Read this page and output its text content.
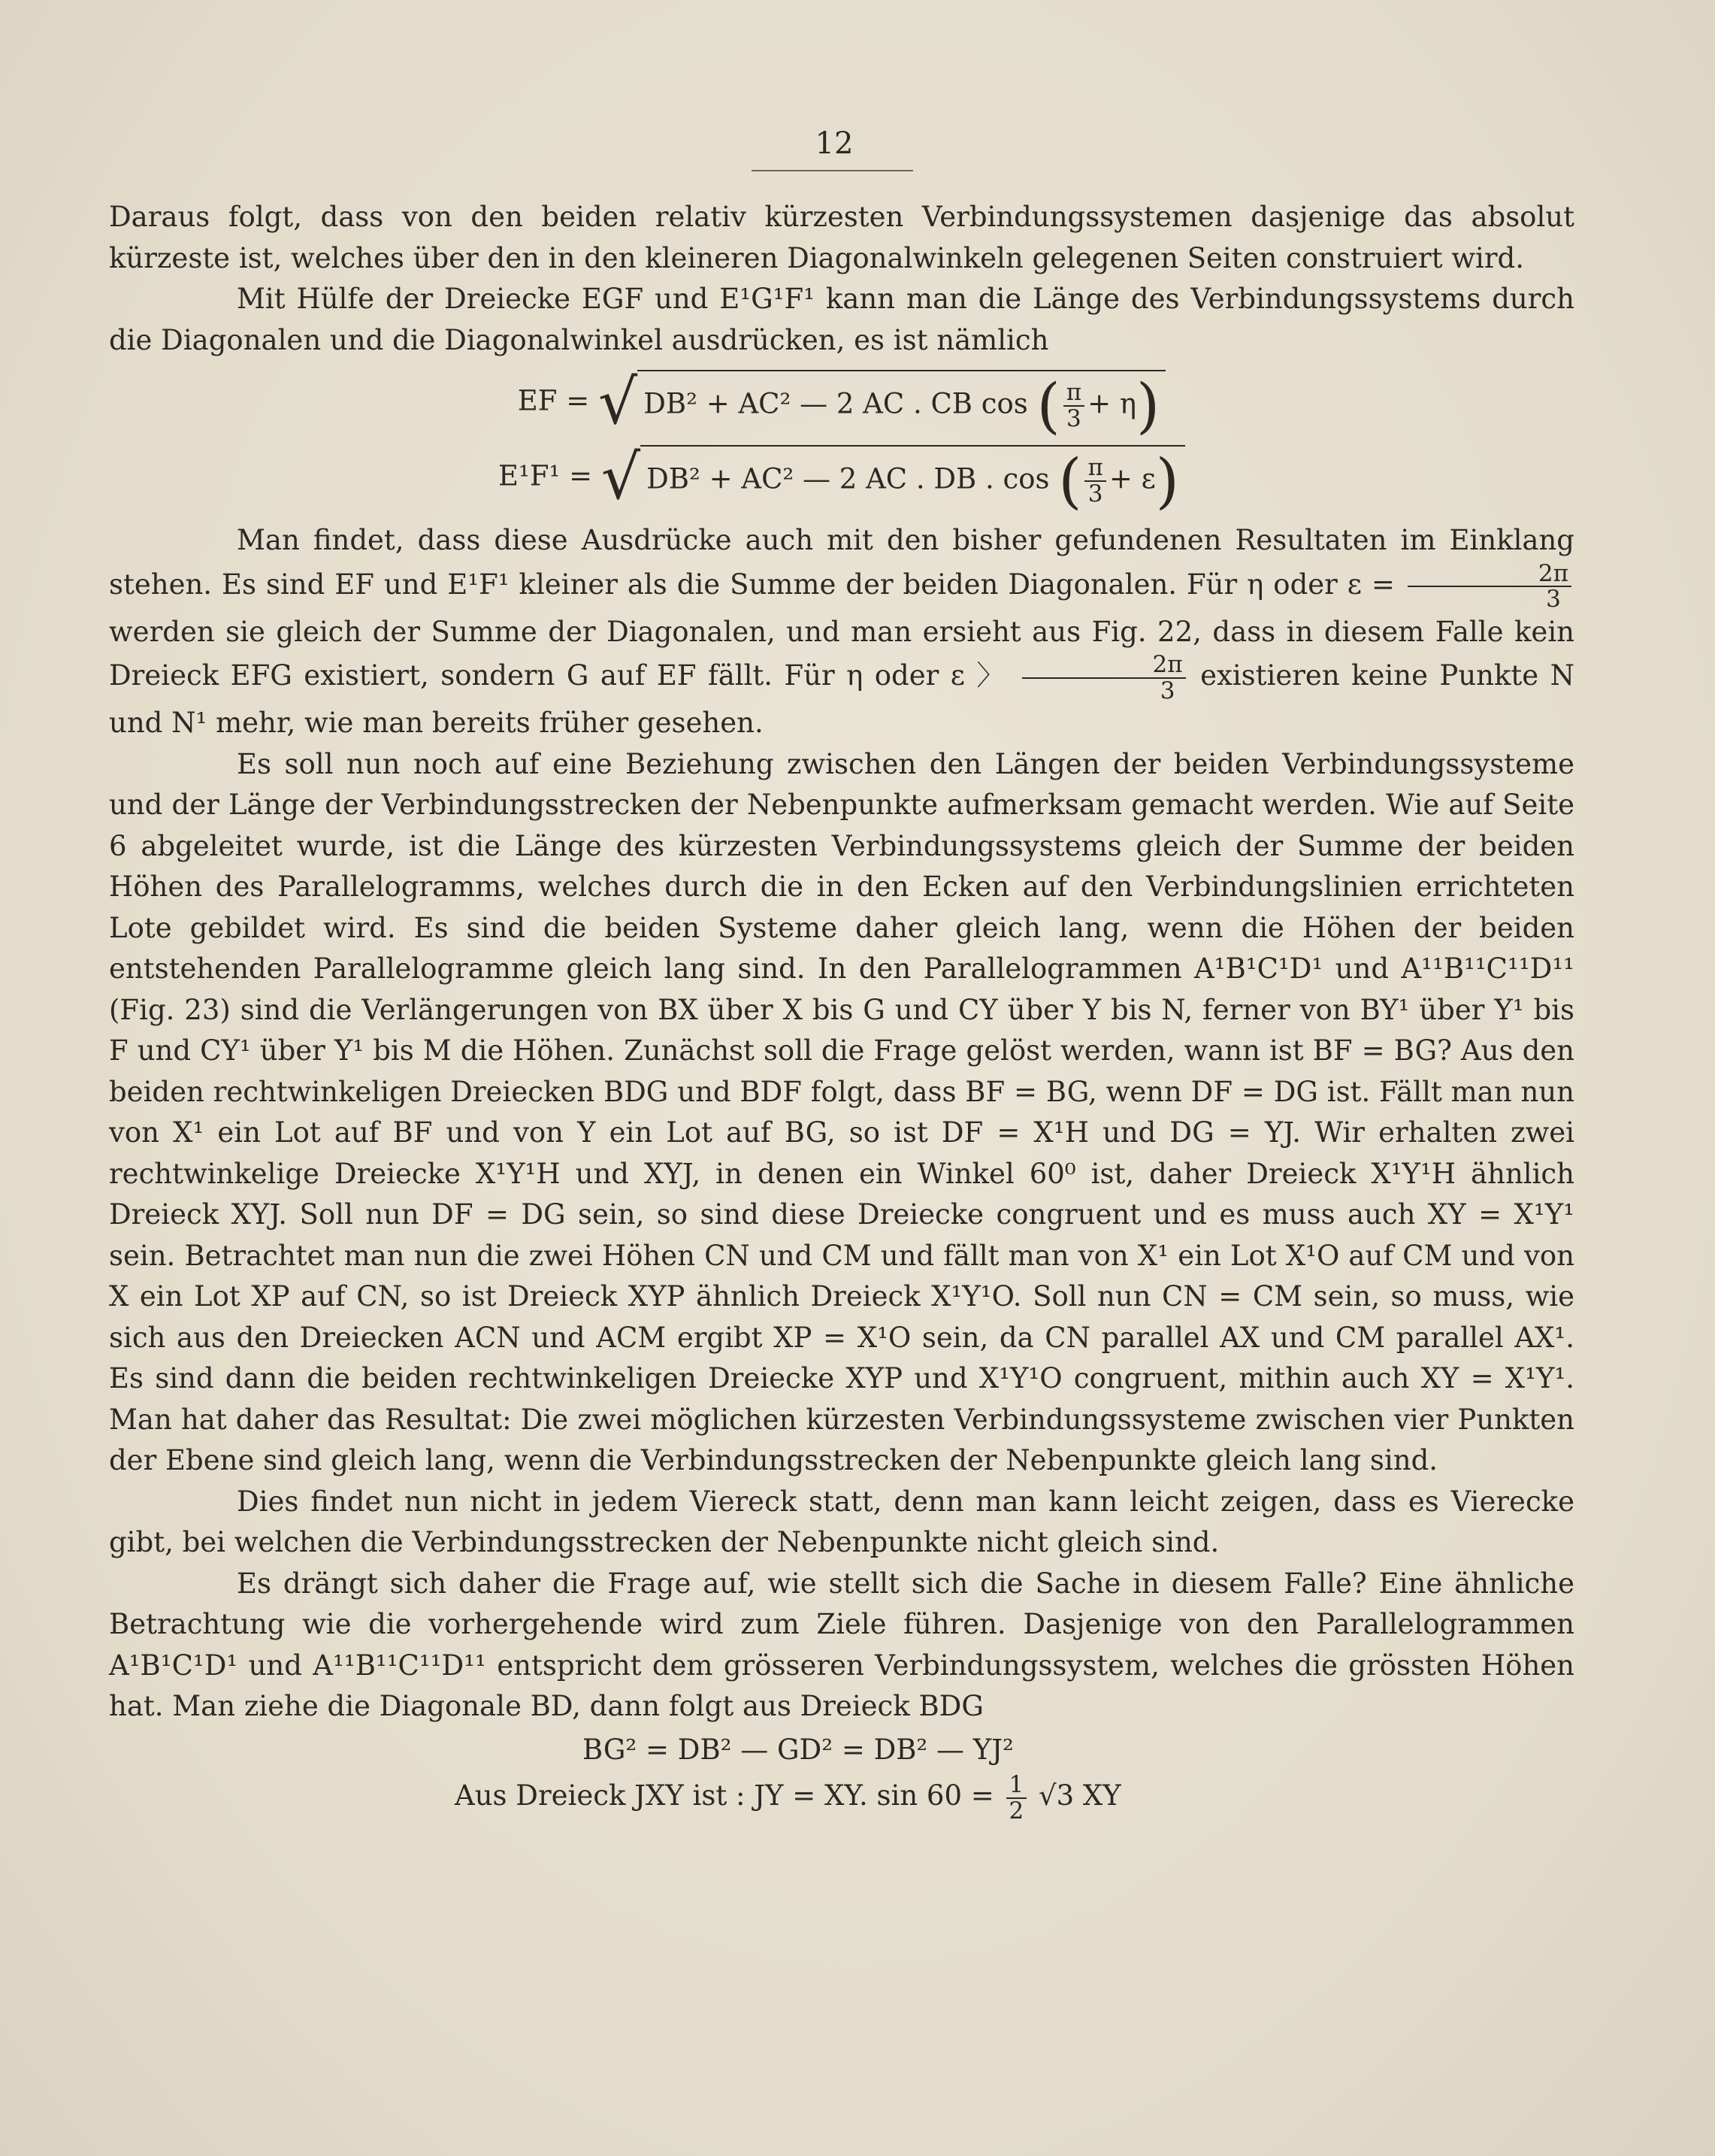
12

Daraus folgt, dass von den beiden relativ kürzesten Verbindungssystemen dasjenige das absolut kürzeste ist, welches über den in den kleineren Diagonalwinkeln gelegenen Seiten construiert wird.

Mit Hülfe der Dreiecke EGF und E¹G¹F¹ kann man die Länge des Verbindungssystems durch die Diagonalen und die Diagonalwinkel ausdrücken, es ist nämlich

EF = √ DB² + AC² — 2 AC . CB cos ( $\frac{\pi}{3} + \eta$)
E¹F¹ = √ DB² + AC² — 2 AC . DB . cos ( $\frac{\pi}{3} + \varepsilon$)

Man findet, dass diese Ausdrücke auch mit den bisher gefundenen Resultaten im Einklang stehen. Es sind EF und E¹F¹ kleiner als die Summe der beiden Diagonalen. Für η oder $\varepsilon = \frac{2\pi}{3}$
werden sie gleich der Summe der Diagonalen, und man ersieht aus Fig. 22, dass in diesem Falle kein Dreieck EFG existiert, sondern G auf EF fällt. Für η oder ε 〉 $\frac{2\pi}{3}$ existieren keine Punkte N und N¹ mehr, wie man bereits früher gesehen.

Es soll nun noch auf eine Beziehung zwischen den Längen der beiden Verbindungssysteme und der Länge der Verbindungsstrecken der Nebenpunkte aufmerksam gemacht werden. Wie auf Seite 6 abgeleitet wurde, ist die Länge des kürzesten Verbindungssystems gleich der Summe der beiden Höhen des Parallelogramms, welches durch die in den Ecken auf den Verbindungslinien errichteten Lote gebildet wird. Es sind die beiden Systeme daher gleich lang, wenn die Höhen der beiden entstehenden Parallelogramme gleich lang sind. In den Parallelogrammen A¹B¹C¹D¹ und A¹¹B¹¹C¹¹D¹¹ (Fig. 23) sind die Verlängerungen von BX über X bis G und CY über Y bis N, ferner von BY¹ über Y¹ bis F und CY¹ über Y¹ bis M die Höhen. Zunächst soll die Frage gelöst werden, wann ist BF = BG? Aus den beiden rechtwinkeligen Dreiecken BDG und BDF folgt, dass BF = BG, wenn DF = DG ist. Fällt man nun von X¹ ein Lot auf BF und von Y ein Lot auf BG, so ist DF = X¹H und DG = YJ. Wir erhalten zwei rechtwinkelige Dreiecke X¹Y¹H und XYJ, in denen ein Winkel 60⁰ ist, daher Dreieck X¹Y¹H ähnlich Dreieck XYJ. Soll nun DF = DG sein, so sind diese Dreiecke congruent und es muss auch XY = X¹Y¹ sein. Betrachtet man nun die zwei Höhen CN und CM und fällt man von X¹ ein Lot X¹O auf CM und von X ein Lot XP auf CN, so ist Dreieck XYP ähnlich Dreieck X¹Y¹O. Soll nun CN = CM sein, so muss, wie sich aus den Dreiecken ACN und ACM ergibt XP = X¹O sein, da CN parallel AX und CM parallel AX¹. Es sind dann die beiden rechtwinkeligen Dreiecke XYP und X¹Y¹O congruent, mithin auch XY = X¹Y¹. Man hat daher das Resultat: Die zwei möglichen kürzesten Verbindungssysteme zwischen vier Punkten der Ebene sind gleich lang, wenn die Verbindungsstrecken der Nebenpunkte gleich lang sind.

Dies findet nun nicht in jedem Viereck statt, denn man kann leicht zeigen, dass es Vierecke gibt, bei welchen die Verbindungsstrecken der Nebenpunkte nicht gleich sind.

Es drängt sich daher die Frage auf, wie stellt sich die Sache in diesem Falle? Eine ähnliche Betrachtung wie die vorhergehende wird zum Ziele führen. Dasjenige von den Parallelogrammen A¹B¹C¹D¹ und A¹¹B¹¹C¹¹D¹¹ entspricht dem grösseren Verbindungssystem, welches die grössten Höhen hat. Man ziehe die Diagonale BD, dann folgt aus Dreieck BDG

BG² = DB² — GD² = DB² — YJ²
Aus Dreieck JXY ist : JY = XY. $\sin 60 = \frac{1}{2} √3$ XY
